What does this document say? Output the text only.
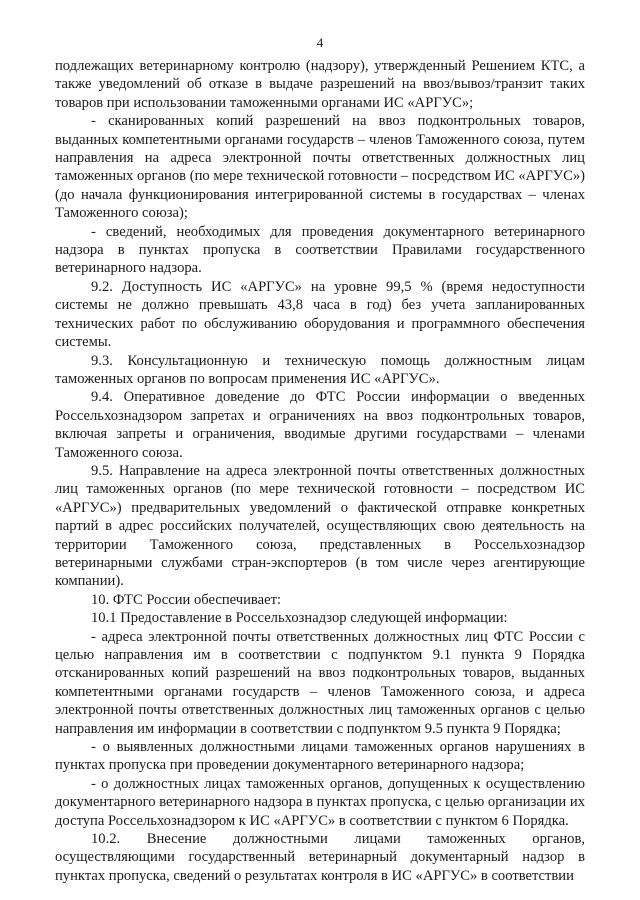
4

подлежащих ветеринарному контролю (надзору), утвержденный Решением КТС, а также уведомлений об отказе в выдаче разрешений на ввоз/вывоз/транзит таких товаров при использовании таможенными органами ИС «АРГУС»;

- сканированных копий разрешений на ввоз подконтрольных товаров, выданных компетентными органами государств – членов Таможенного союза, путем направления на адреса электронной почты ответственных должностных лиц таможенных органов (по мере технической готовности – посредством ИС «АРГУС») (до начала функционирования интегрированной системы в государствах – членах Таможенного союза);

- сведений, необходимых для проведения документарного ветеринарного надзора в пунктах пропуска в соответствии Правилами государственного ветеринарного надзора.

9.2. Доступность ИС «АРГУС» на уровне 99,5 % (время недоступности системы не должно превышать 43,8 часа в год) без учета запланированных технических работ по обслуживанию оборудования и программного обеспечения системы.

9.3. Консультационную и техническую помощь должностным лицам таможенных органов по вопросам применения ИС «АРГУС».

9.4. Оперативное доведение до ФТС России информации о введенных Россельхознадзором запретах и ограничениях на ввоз подконтрольных товаров, включая запреты и ограничения, вводимые другими государствами – членами Таможенного союза.

9.5. Направление на адреса электронной почты ответственных должностных лиц таможенных органов (по мере технической готовности – посредством ИС «АРГУС») предварительных уведомлений о фактической отправке конкретных партий в адрес российских получателей, осуществляющих свою деятельность на территории Таможенного союза, представленных в Россельхознадзор ветеринарными службами стран-экспортеров (в том числе через агентирующие компании).

10. ФТС России обеспечивает:

10.1 Предоставление в Россельхознадзор следующей информации:

- адреса электронной почты ответственных должностных лиц ФТС России с целью направления им в соответствии с подпунктом 9.1 пункта 9 Порядка отсканированных копий разрешений на ввоз подконтрольных товаров, выданных компетентными органами государств – членов Таможенного союза, и адреса электронной почты ответственных должностных лиц таможенных органов с целью направления им информации в соответствии с подпунктом 9.5 пункта 9 Порядка;

- о выявленных должностными лицами таможенных органов нарушениях в пунктах пропуска при проведении документарного ветеринарного надзора;

- о должностных лицах таможенных органов, допущенных к осуществлению документарного ветеринарного надзора в пунктах пропуска, с целью организации их доступа Россельхознадзором к ИС «АРГУС» в соответствии с пунктом 6 Порядка.

10.2. Внесение должностными лицами таможенных органов, осуществляющими государственный ветеринарный документарный надзор в пунктах пропуска, сведений о результатах контроля в ИС «АРГУС» в соответствии
